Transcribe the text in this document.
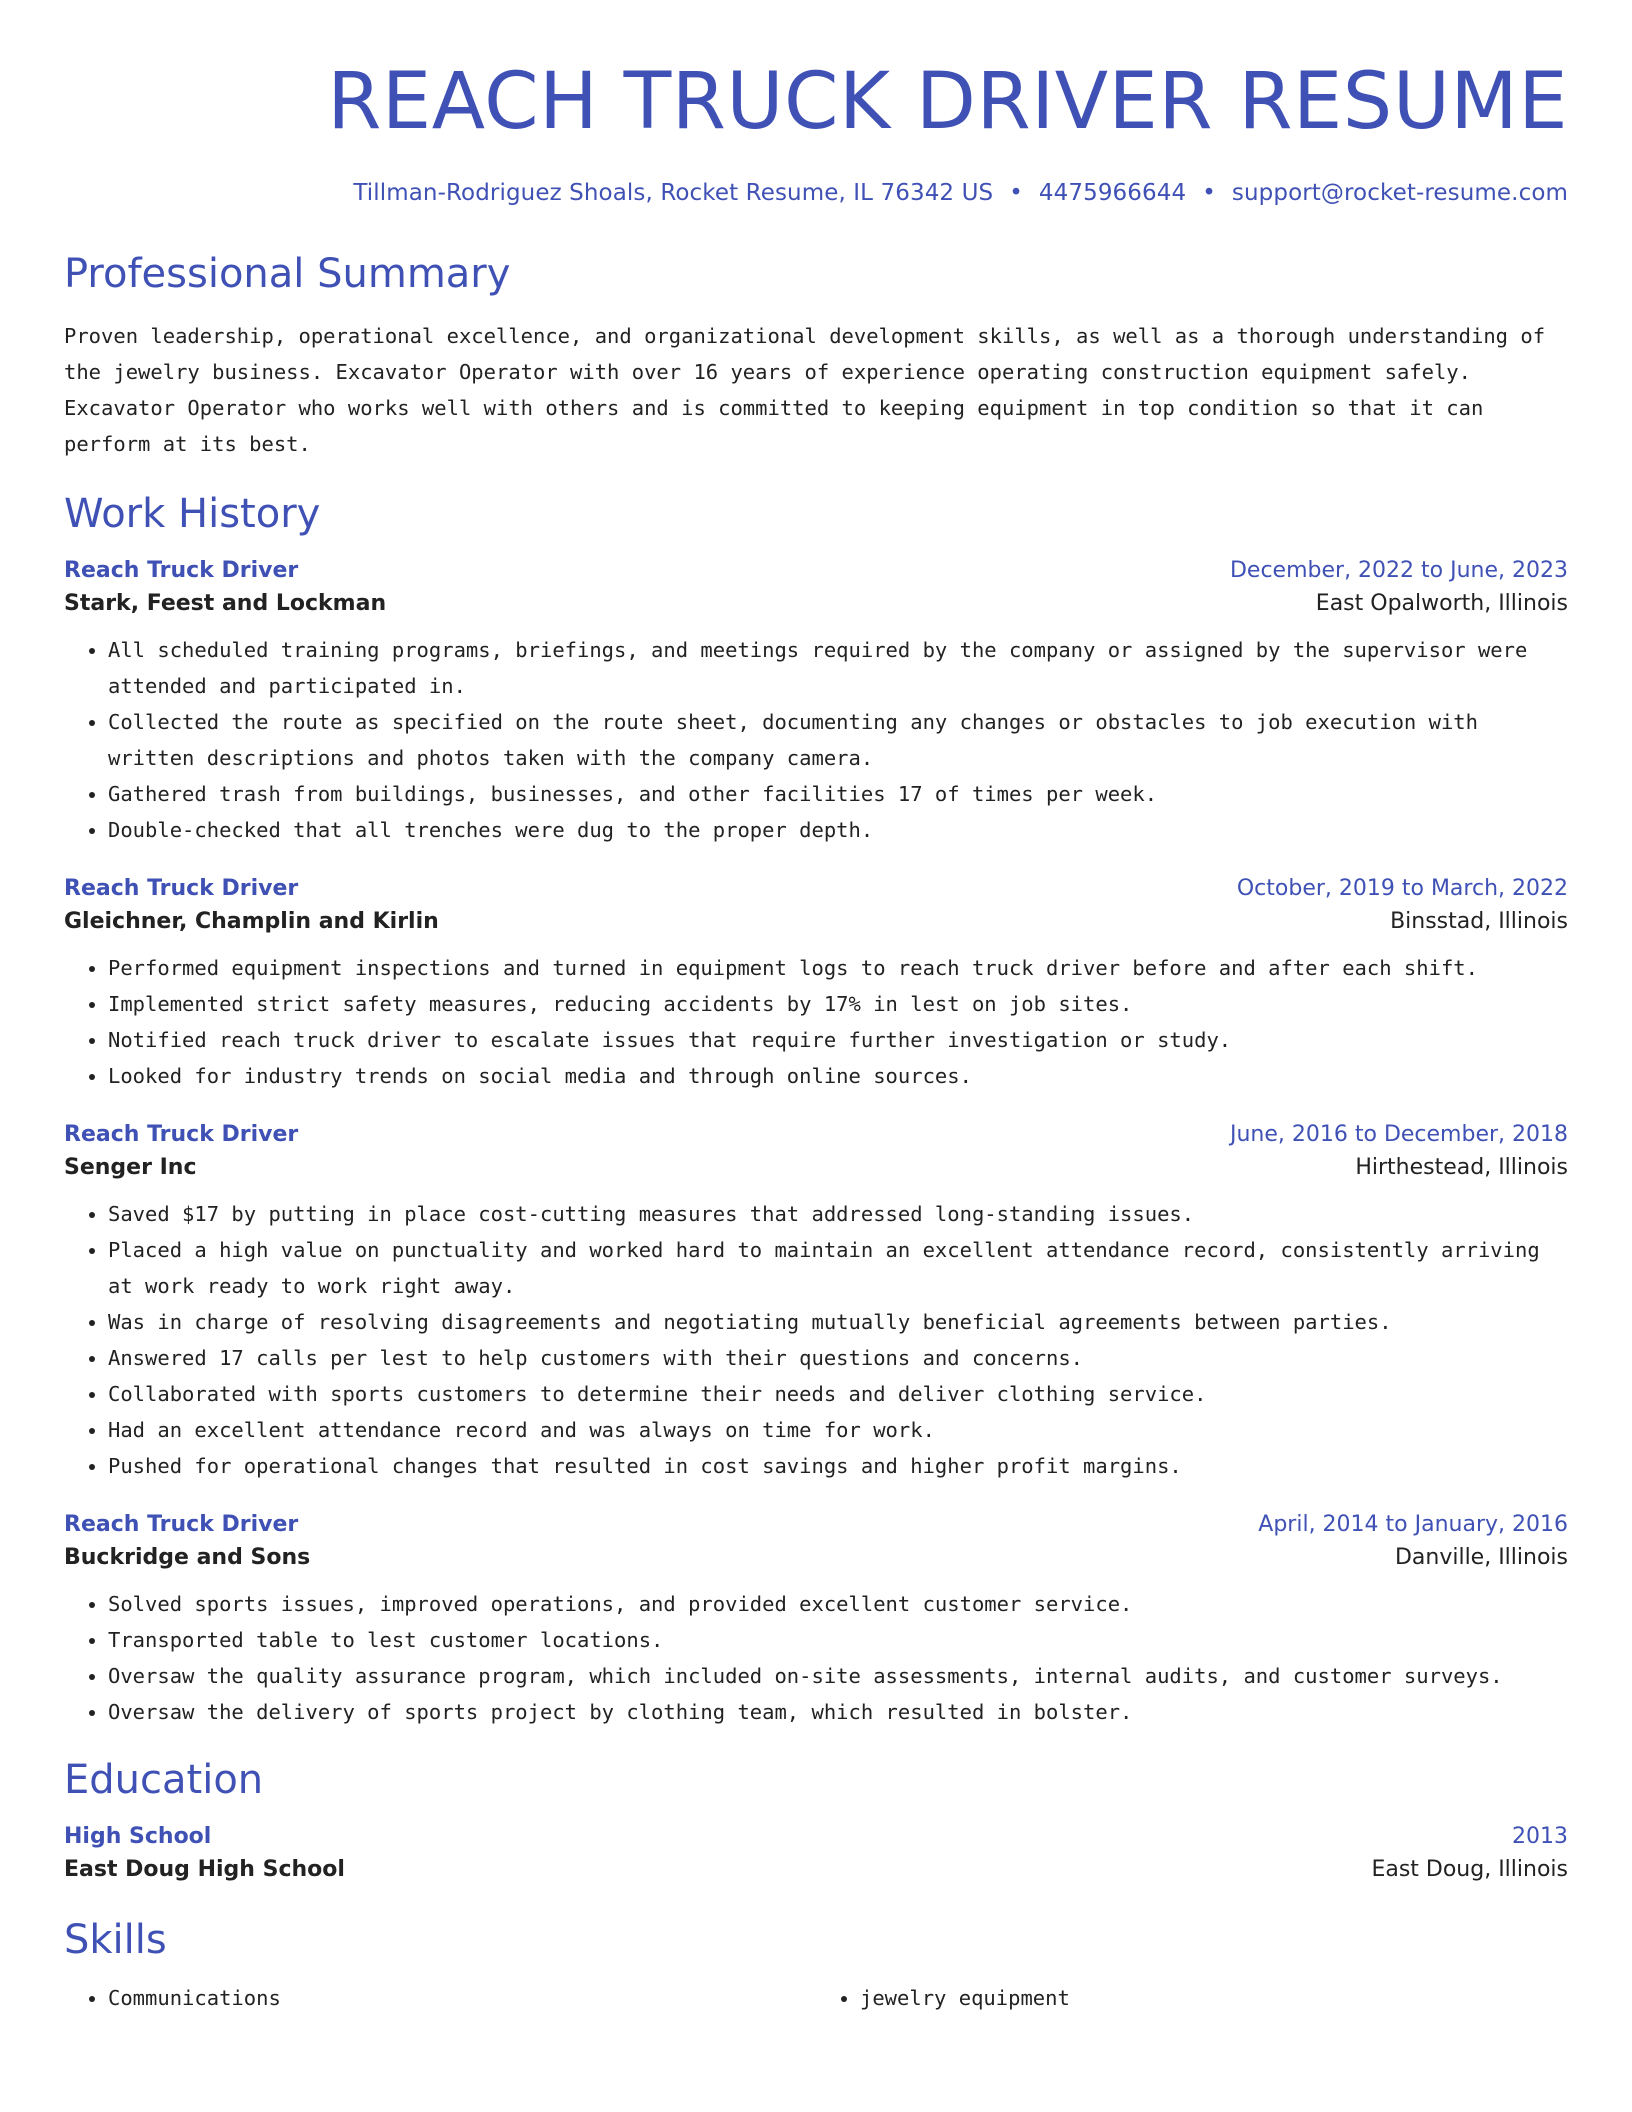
REACH TRUCK DRIVER RESUME
Tillman-Rodriguez Shoals, Rocket Resume, IL 76342 US • 4475966644 • support@rocket-resume.com
Professional Summary
Proven leadership, operational excellence, and organizational development skills, as well as a thorough understanding of the jewelry business. Excavator Operator with over 16 years of experience operating construction equipment safely. Excavator Operator who works well with others and is committed to keeping equipment in top condition so that it can perform at its best.
Work History
Reach Truck Driver	December, 2022 to June, 2023
Stark, Feest and Lockman	East Opalworth, Illinois
• All scheduled training programs, briefings, and meetings required by the company or assigned by the supervisor were attended and participated in.
• Collected the route as specified on the route sheet, documenting any changes or obstacles to job execution with written descriptions and photos taken with the company camera.
• Gathered trash from buildings, businesses, and other facilities 17 of times per week.
• Double-checked that all trenches were dug to the proper depth.
Reach Truck Driver	October, 2019 to March, 2022
Gleichner, Champlin and Kirlin	Binsstad, Illinois
• Performed equipment inspections and turned in equipment logs to reach truck driver before and after each shift.
• Implemented strict safety measures, reducing accidents by 17% in lest on job sites.
• Notified reach truck driver to escalate issues that require further investigation or study.
• Looked for industry trends on social media and through online sources.
Reach Truck Driver	June, 2016 to December, 2018
Senger Inc	Hirthestead, Illinois
• Saved $17 by putting in place cost-cutting measures that addressed long-standing issues.
• Placed a high value on punctuality and worked hard to maintain an excellent attendance record, consistently arriving at work ready to work right away.
• Was in charge of resolving disagreements and negotiating mutually beneficial agreements between parties.
• Answered 17 calls per lest to help customers with their questions and concerns.
• Collaborated with sports customers to determine their needs and deliver clothing service.
• Had an excellent attendance record and was always on time for work.
• Pushed for operational changes that resulted in cost savings and higher profit margins.
Reach Truck Driver	April, 2014 to January, 2016
Buckridge and Sons	Danville, Illinois
• Solved sports issues, improved operations, and provided excellent customer service.
• Transported table to lest customer locations.
• Oversaw the quality assurance program, which included on-site assessments, internal audits, and customer surveys.
• Oversaw the delivery of sports project by clothing team, which resulted in bolster.
Education
High School	2013
East Doug High School	East Doug, Illinois
Skills
• Communications
•	jewelry equipment
